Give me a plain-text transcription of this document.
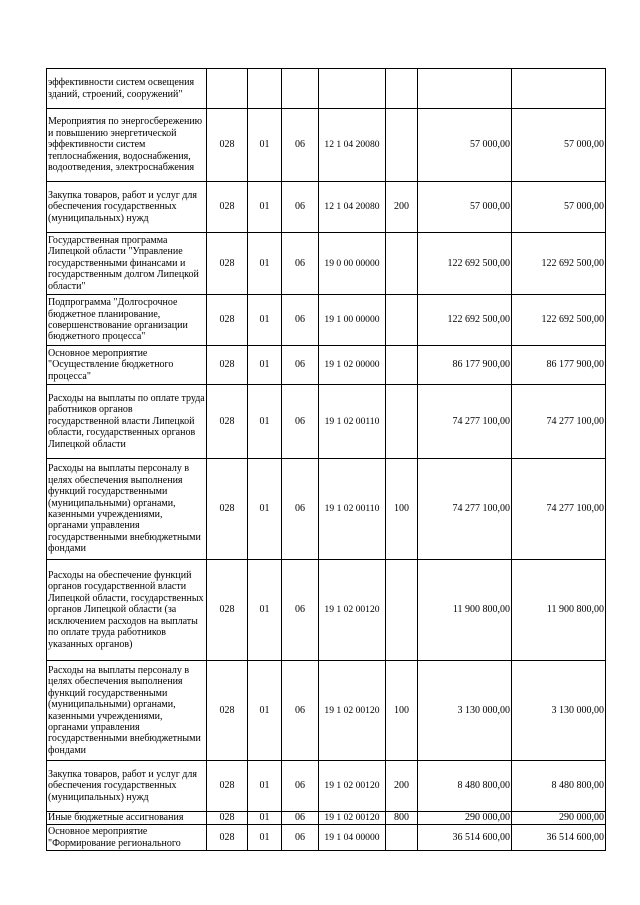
эффективности систем освещения зданий, строений, сооружений"							
Мероприятия по энергосбережению и повышению энергетической эффективности систем теплоснабжения, водоснабжения, водоотведения, электроснабжения	028	01	06	12 1 04 20080		57 000,00	57 000,00
Закупка товаров, работ и услуг для обеспечения государственных (муниципальных) нужд	028	01	06	12 1 04 20080	200	57 000,00	57 000,00
Государственная программа Липецкой области "Управление государственными финансами и государственным долгом Липецкой области"	028	01	06	19 0 00 00000		122 692 500,00	122 692 500,00
Подпрограмма "Долгосрочное бюджетное планирование, совершенствование организации бюджетного процесса"	028	01	06	19 1 00 00000		122 692 500,00	122 692 500,00
Основное мероприятие "Осуществление бюджетного процесса"	028	01	06	19 1 02 00000		86 177 900,00	86 177 900,00
Расходы на выплаты по оплате труда работников органов государственной власти Липецкой области, государственных органов Липецкой области	028	01	06	19 1 02 00110		74 277 100,00	74 277 100,00
Расходы на выплаты персоналу в целях обеспечения выполнения функций государственными (муниципальными) органами, казенными учреждениями, органами управления государственными внебюджетными фондами	028	01	06	19 1 02 00110	100	74 277 100,00	74 277 100,00
Расходы на обеспечение функций органов государственной власти Липецкой области, государственных органов Липецкой области (за исключением расходов на выплаты по оплате труда работников указанных органов)	028	01	06	19 1 02 00120		11 900 800,00	11 900 800,00
Расходы на выплаты персоналу в целях обеспечения выполнения функций государственными (муниципальными) органами, казенными учреждениями, органами управления государственными внебюджетными фондами	028	01	06	19 1 02 00120	100	3 130 000,00	3 130 000,00
Закупка товаров, работ и услуг для обеспечения государственных (муниципальных) нужд	028	01	06	19 1 02 00120	200	8 480 800,00	8 480 800,00
Иные бюджетные ассигнования	028	01	06	19 1 02 00120	800	290 000,00	290 000,00
Основное мероприятие "Формирование регионального	028	01	06	19 1 04 00000		36 514 600,00	36 514 600,00
